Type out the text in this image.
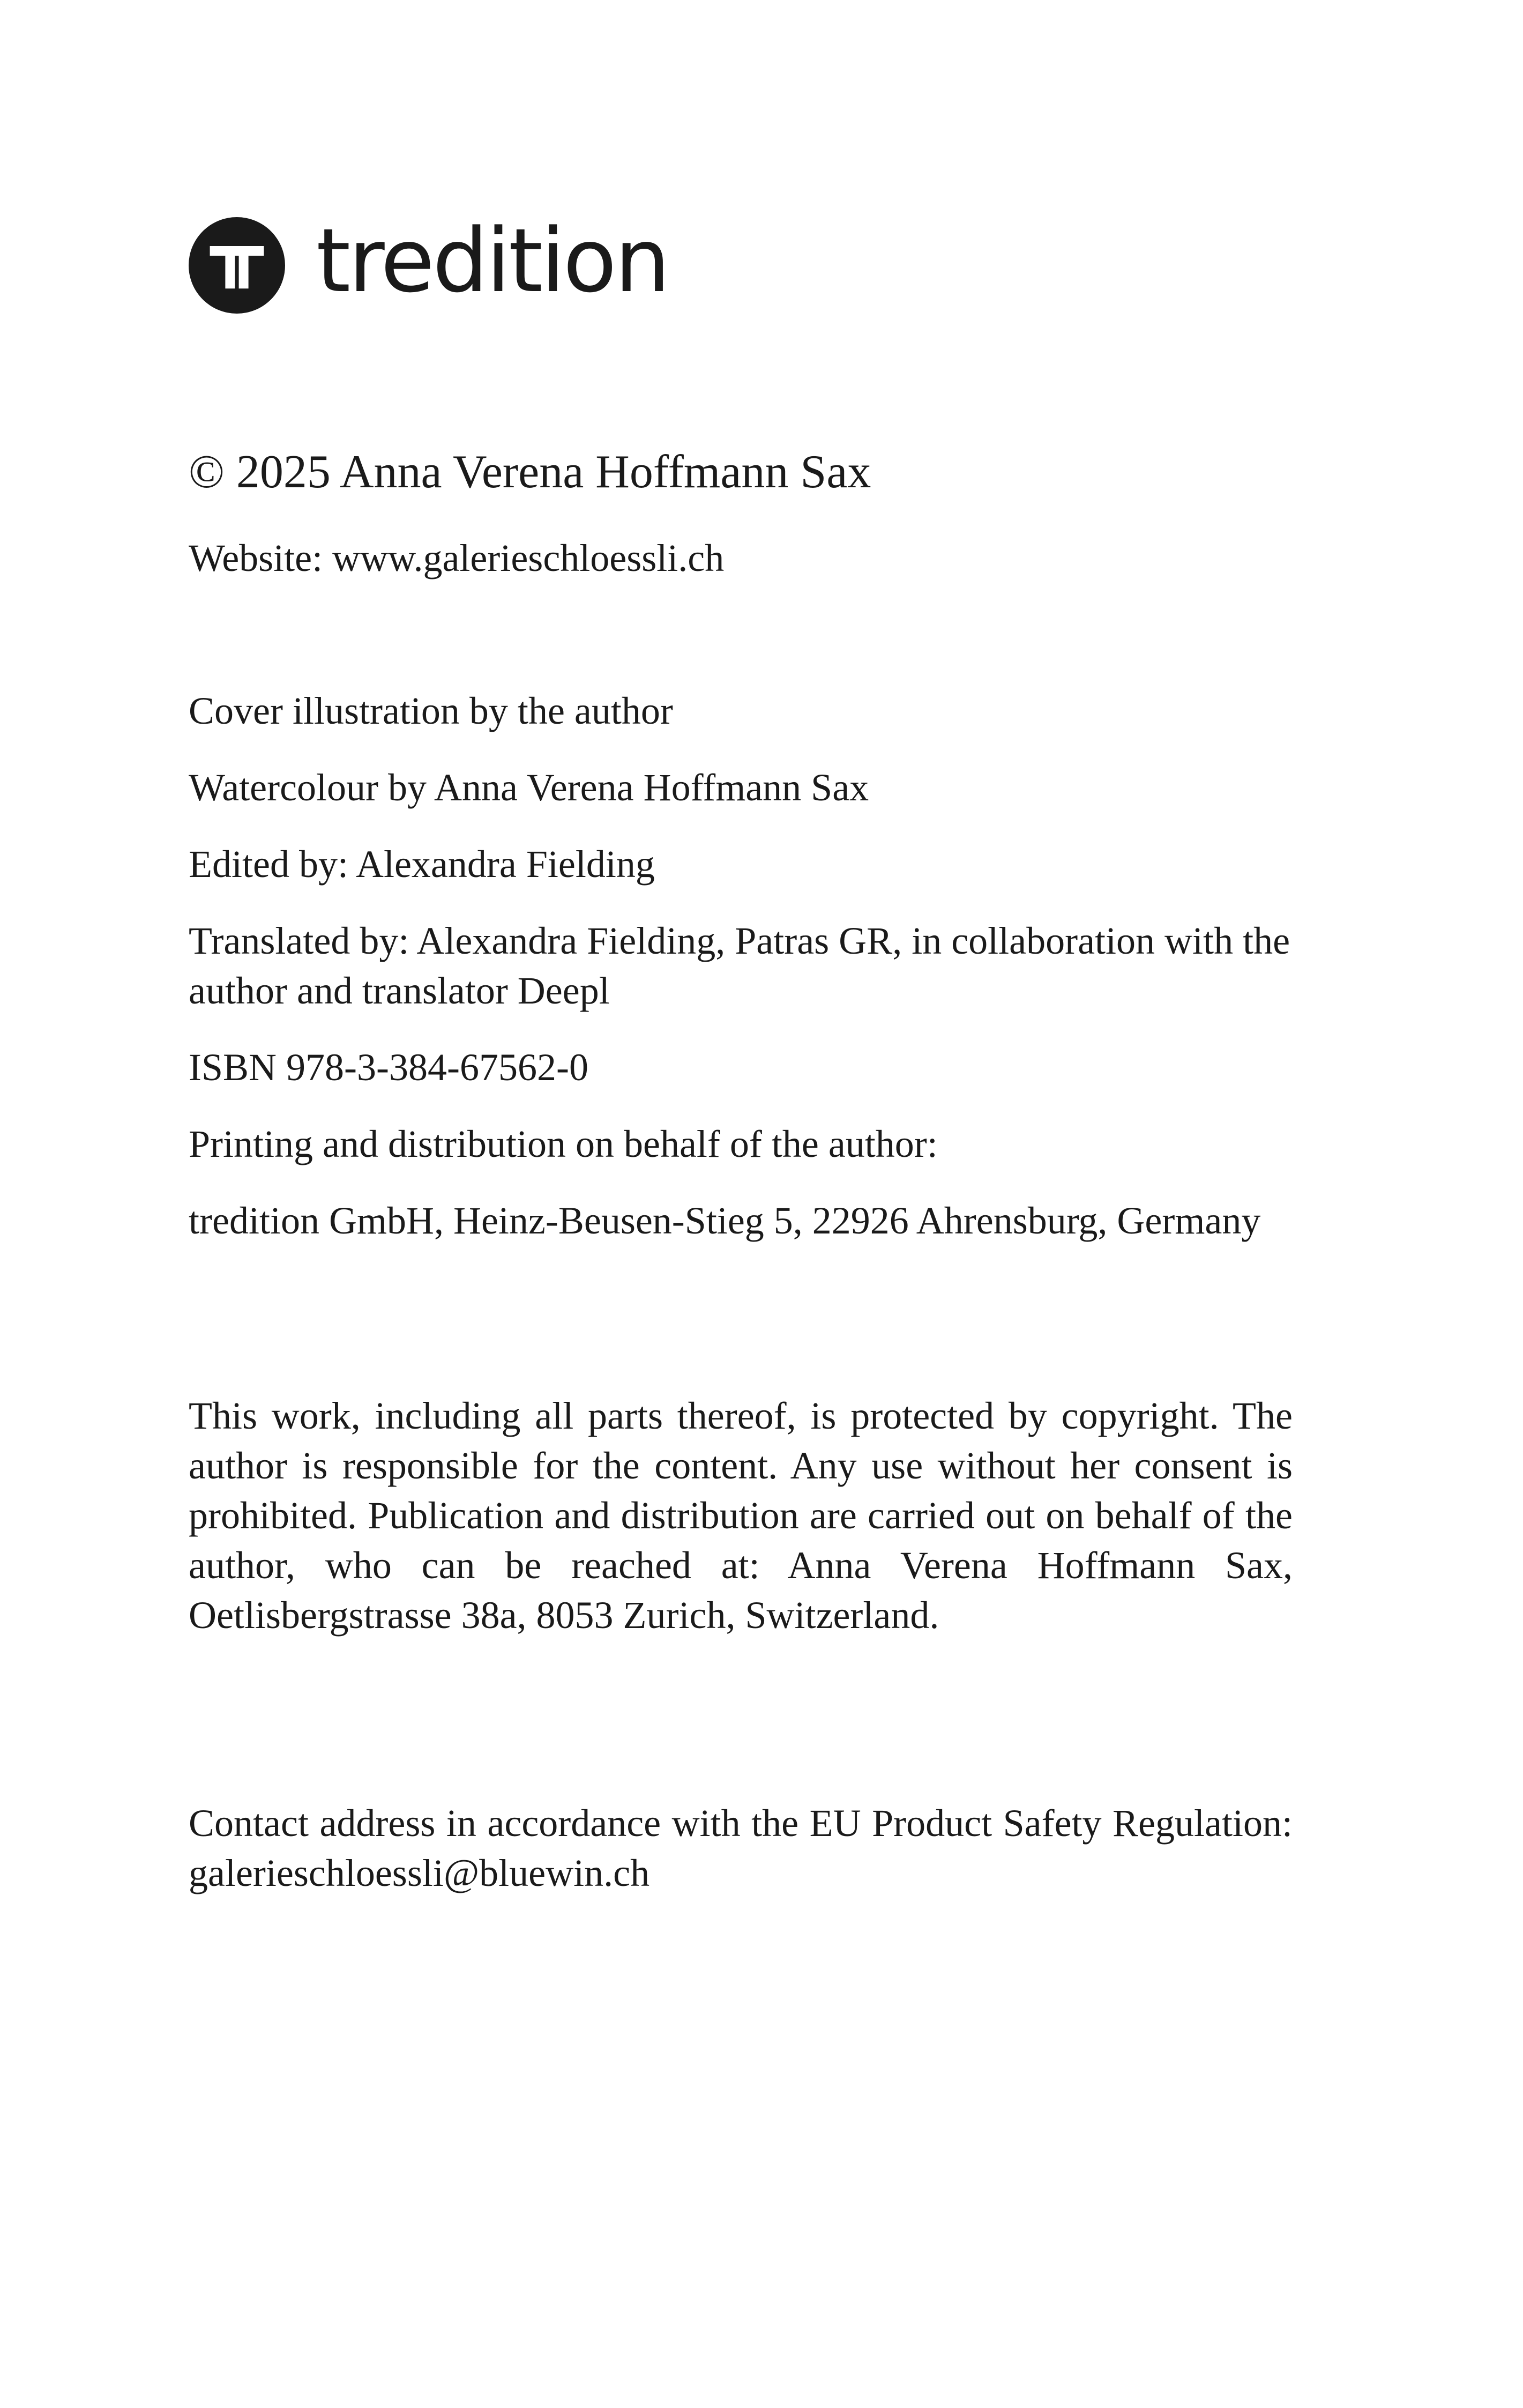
tredition
© 2025 Anna Verena Hoffmann Sax
Website: www.galerieschloessli.ch

Cover illustration by the author

Watercolour by Anna Verena Hoffmann Sax

Edited by: Alexandra Fielding

Translated by: Alexandra Fielding, Patras GR, in collaboration with the author and translator Deepl

ISBN 978-3-384-67562-0

Printing and distribution on behalf of the author:

tredition GmbH, Heinz-Beusen-Stieg 5, 22926 Ahrensburg, Germany

This work, including all parts thereof, is protected by copyright. The author is responsible for the content. Any use without her consent is prohibited. Publication and distribution are carried out on behalf of the author, who can be reached at: Anna Verena Hoffmann Sax, Oetlisbergstrasse 38a, 8053 Zurich, Switzerland.
Contact address in accordance with the EU Product Safety Regulation: galerieschloessli@bluewin.ch
